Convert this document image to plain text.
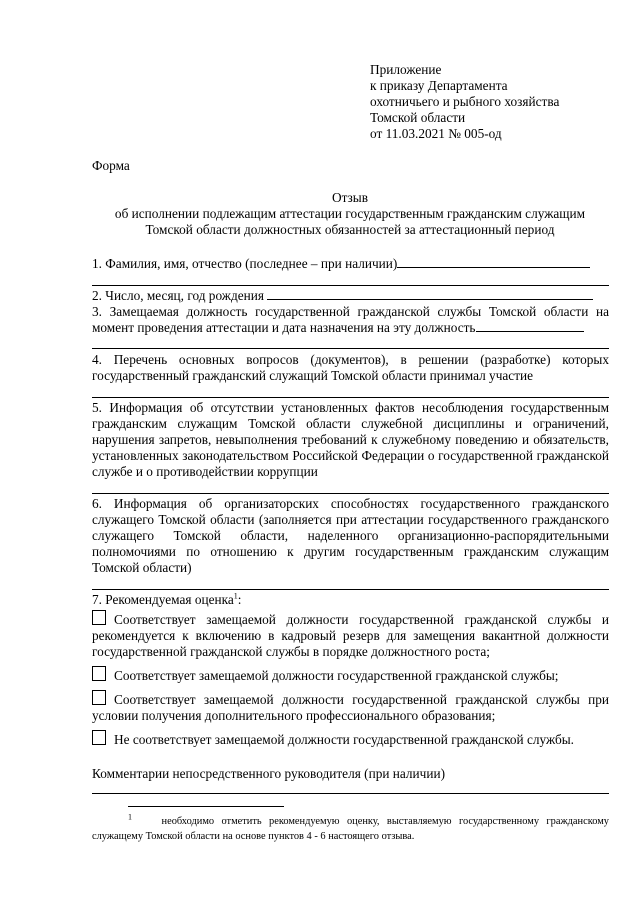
Приложение
к приказу Департамента
охотничьего и рыбного хозяйства
Томской области
от 11.03.2021 № 005-од
Форма
Отзыв
об исполнении подлежащим аттестации государственным гражданским служащим
Томской области должностных обязанностей за аттестационный период
1. Фамилия, имя, отчество (последнее – при наличии)
2. Число, месяц, год рождения
3. Замещаемая должность государственной гражданской службы Томской области на момент проведения аттестации и дата назначения на эту должность
4. Перечень основных вопросов (документов), в решении (разработке) которых государственный гражданский служащий Томской области принимал участие
5. Информация об отсутствии установленных фактов несоблюдения государственным гражданским служащим Томской области служебной дисциплины и ограничений, нарушения запретов, невыполнения требований к служебному поведению и обязательств, установленных законодательством Российской Федерации о государственной гражданской службе и о противодействии коррупции
6. Информация об организаторских способностях государственного гражданского служащего Томской области (заполняется при аттестации государственного гражданского служащего Томской области, наделенного организационно-распорядительными полномочиями по отношению к другим государственным гражданским служащим Томской области)
7. Рекомендуемая оценка$^1$:
Соответствует замещаемой должности государственной гражданской службы и рекомендуется к включению в кадровый резерв для замещения вакантной должности государственной гражданской службы в порядке должностного роста;
Соответствует замещаемой должности государственной гражданской службы;
Соответствует замещаемой должности государственной гражданской службы при условии получения дополнительного профессионального образования;
Не соответствует замещаемой должности государственной гражданской службы.
Комментарии непосредственного руководителя (при наличии)
$^1$	необходимо отметить рекомендуемую оценку, выставляемую государственному гражданскому служащему Томской области на основе пунктов 4 - 6 настоящего отзыва.
